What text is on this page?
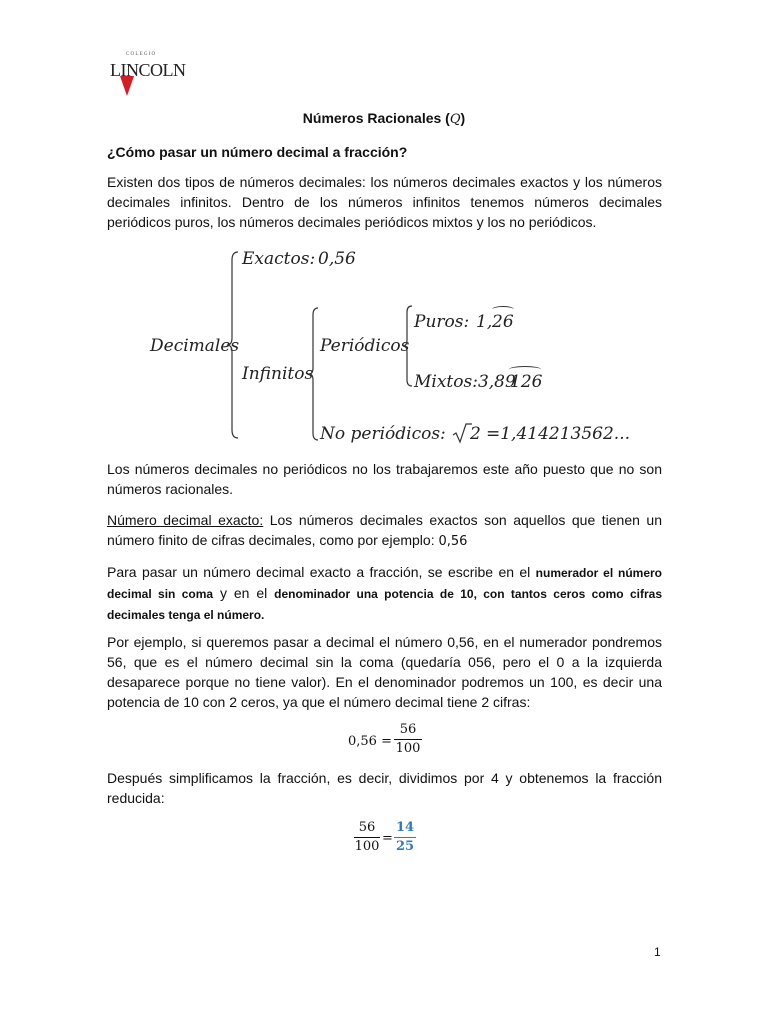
COLEGIO
LINCOLN
Números Racionales (Q)
¿Cómo pasar un número decimal a fracción?
Existen dos tipos de números decimales: los números decimales exactos y los números decimales infinitos. Dentro de los números infinitos tenemos números decimales periódicos puros, los números decimales periódicos mixtos y los no periódicos.
Decimales
Exactos: 0,56
Infinitos
Periódicos
Puros: 1, 26
Mixtos:3,89
126
No periódicos: 2 =1,414213562...
Los números decimales no periódicos no los trabajaremos este año puesto que no son números racionales.
Número decimal exacto: Los números decimales exactos son aquellos que tienen un número finito de cifras decimales, como por ejemplo: 0,56
Para pasar un número decimal exacto a fracción, se escribe en el numerador el número decimal sin coma y en el denominador una potencia de 10, con tantos ceros como cifras decimales tenga el número.
Por ejemplo, si queremos pasar a decimal el número 0,56, en el numerador pondremos 56, que es el número decimal sin la coma (quedaría 056, pero el 0 a la izquierda desaparece porque no tiene valor). En el denominador podremos un 100, es decir una potencia de 10 con 2 ceros, ya que el número decimal tiene 2 cifras:
0,56 =
56
100
Después simplificamos la fracción, es decir, dividimos por 4 y obtenemos la fracción reducida:
56
100
=
14
25
1
